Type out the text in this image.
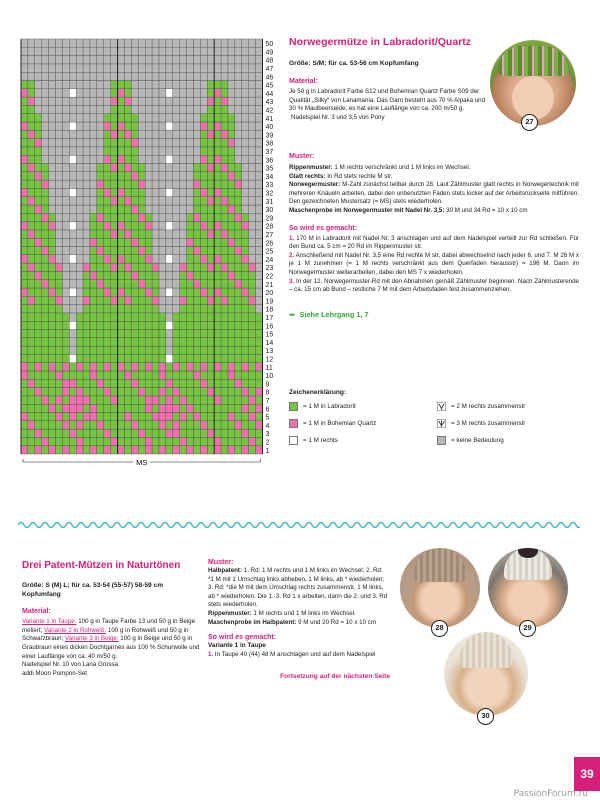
50
49
48
47
46
45
44
43
42
41
40
39
38
37
36
35
34
33
32
31
30
29
28
27
26
25
24
23
22
21
20
19
18
17
16
15
14
13
12
11
10
9
8
7
6
5
4
3
2
1
MS
Norwegermütze in Labradorit/Quartz
Größe: S/M; für ca. 53-56 cm Kopfumfang
Material:

Je 50 g in Labradorit Farbe S12 und Bohemian Quartz Farbe S09 der Qualität „Silky“ von Lanamania. Das Garn besteht aus 70 % Alpaka und 30 % Maulbeerseide, es hat eine Lauflänge von ca. 200 m/50 g.

Nadelspiel Nr. 3 und 3,5 von Pony	27
Muster:

Rippenmuster: 1 M rechts verschränkt und 1 M links im Wechsel.

Glatt rechts: In Rd stets rechte M str.

Norwegermuster: M-Zahl zunächst teilbar durch 28. Laut Zählmuster glatt rechts in Norwegertechnik mit mehreren Knäueln arbeiten, dabei den unbenutzten Faden stets locker auf der Arbeitsrückseite mitführen. Den gezeichneten Mustersatz (= MS) stets wiederholen.

Maschenprobe im Norwegermuster mit Nadel Nr. 3,5: 30 M und 34 Rd = 10 x 10 cm

So wird es gemacht:

1. 170 M in Labradorit mit Nadel Nr. 3 anschlagen und auf dem Nadelspiel verteilt zur Rd schließen. Für den Bund ca. 5 cm = 20 Rd im Rippenmuster str.

2. Anschließend mit Nadel Nr. 3,5 eine Rd rechte M str, dabei abwechselnd nach jeder 6. und 7. M 26 M x je 1 M zunehmen (= 1 M rechts verschränkt aus dem Querfaden herausstr) = 196 M. Dann im Norwegermuster weiterarbeiten, dabei den MS 7 x wiederholen.

3. In der 12. Norwegermuster-Rd mit den Abnahmen gemäß Zählmuster beginnen. Nach Zählmusterende – ca. 15 cm ab Bund – restliche 7 M mit dem Arbeitsfaden fest zusammenziehen.

➥ Siehe Lehrgang 1, 7
Zeichenerklärung:
= 1 M in Labradorit
= 1 M in Bohemian Quartz
= 1 M rechts
= 2 M rechts zusammenstr
= 3 M rechts zusammenstr
= keine Bedeutung
Drei Patent-Mützen in Naturtönen
Größe: S (M) L; für ca. 53-54 (55-57) 58-59 cm
Kopfumfang
Material:

Variante 1 in Taupe: 100 g in Taupe Farbe 13 und 50 g in Beige meliert; Variante 2 in Rohweiß: 100 g in Rohweiß und 50 g in Schwarzbraun; Variante 3 in Beige: 100 g in Beige und 50 g in Graubraun eines dicken Dochtgarnes aus 100 % Schurwolle und einer Lauflänge von ca. 40 m/50 g.

Nadelspiel Nr. 10 von Lana Grossa

addi Moon Pompon-Set

Muster:

Halbpatent: 1. Rd: 1 M rechts und 1 M links im Wechsel; 2. Rd: *1 M mit 1 Umschlag links abheben, 1 M links, ab * wiederholen; 3. Rd: *die M mit dem Umschlag rechts zusammenstr, 1 M links, ab * wiederholen. Die 1.-3. Rd 1 x arbeiten, dann die 2. und 3. Rd stets wiederholen.

Rippenmuster: 1 M rechts und 1 M links im Wechsel.

Maschenprobe im Halbpatent: 9 M und 20 Rd = 10 x 10 cm

So wird es gemacht:
Variante 1 in Taupe

1. In Taupe 40 (44) 48 M anschlagen und auf dem Nadelspiel

Fortsetzung auf der nächsten Seite
28	29
30
39
PassionForum.ru
